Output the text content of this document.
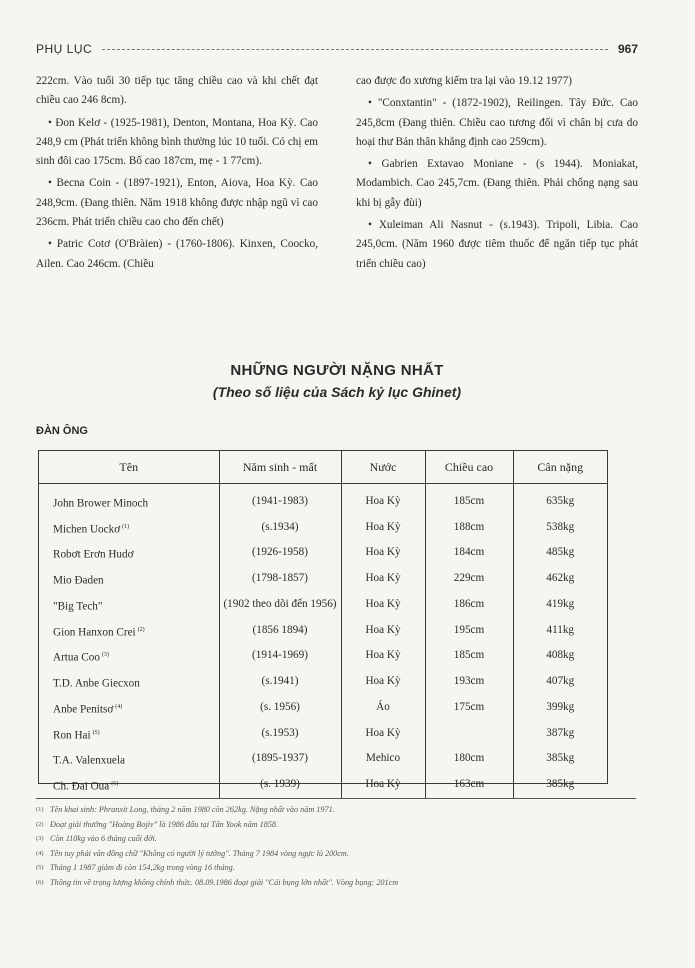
PHỤ LỤC	967

222cm. Vào tuổi 30 tiếp tục tăng chiều cao và khi chết đạt chiều cao 246 8cm).

• Đon Kelơ - (1925-1981), Denton, Montana, Hoa Kỳ. Cao 248,9 cm (Phát triển không bình thường lúc 10 tuổi. Có chị em sinh đôi cao 175cm. Bố cao 187cm, mẹ - 1 77cm).

• Becna Coin - (1897-1921), Enton, Aiova, Hoa Kỳ. Cao 248,9cm. (Đang thiên. Năm 1918 không được nhập ngũ vì cao 236cm. Phát triển chiều cao cho đến chết)

• Patric Cotơ (O'Bràien) - (1760-1806). Kinxen, Coocko, Ailen. Cao 246cm. (Chiều

cao được đo xương kiểm tra lại vào 19.12 1977)

• "Conxtantin" - (1872-1902), Reilingen. Tây Đức. Cao 245,8cm (Đang thiên. Chiều cao tương đối vì chân bị cưa do hoại thư Bản thân khẳng định cao 259cm).

• Gabrien Extavao Moniane - (s 1944). Moniakat, Modambich. Cao 245,7cm. (Đang thiên. Phải chống nạng sau khi bị gẫy đùi)

• Xuleiman Ali Nasnut - (s.1943). Tripoli, Libia. Cao 245,0cm. (Năm 1960 được tiêm thuốc để ngăn tiếp tục phát triển chiều cao)

NHỮNG NGƯỜI NẶNG NHẤT
(Theo số liệu của Sách kỷ lục Ghinet)
ĐÀN ÔNG
Tên	Năm sinh - mất	Nước	Chiều cao	Cân nặng
John Brower Minoch	(1941-1983)	Hoa Kỳ	185cm	635kg
Michen Uockơ $^{(1)}$	(s.1934)	Hoa Kỳ	188cm	538kg
Robơt Erơn Hudơ	(1926-1958)	Hoa Kỳ	184cm	485kg
Mio Đaden	(1798-1857)	Hoa Kỳ	229cm	462kg
"Big Tech"	(1902 theo dõi đến 1956)	Hoa Kỳ	186cm	419kg
Gion Hanxon Crei $^{(2)}$	(1856 1894)	Hoa Kỳ	195cm	411kg
Artua Coo $^{(3)}$	(1914-1969)	Hoa Kỳ	185cm	408kg
T.D. Anbe Giecxon	(s.1941)	Hoa Kỳ	193cm	407kg
Anbe Penitsơ $^{(4)}$	(s. 1956)	Áo	175cm	399kg
Ron Hai $^{(5)}$	(s.1953)	Hoa Kỳ		387kg
T.A. Valenxuela	(1895-1937)	Mehico	180cm	385kg
Ch. Đai Oua $^{(6)}$	(s. 1939)	Hoa Kỳ	163cm	385kg
(1) Tên khai sinh: Phranxit Long, tháng 2 năm 1980 còn 262kg. Nặng nhất vào năm 1971.
(2) Đoạt giải thưởng "Hoàng Bojiv" là 1986 đấu tại Tân Yook năm 1858.
(3) Còn 110kg vào 6 tháng cuối đời.
(4) Tên tuy phải văn đồng chữ "Không có người lý tưởng". Tháng 7 1984 vòng ngực lủ 200cm.
(5) Tháng 1 1987 giảm đi còn 154,2kg trong vòng 16 tháng.
(6) Thông tin về trọng lượng không chính thức. 08.09.1986 đoạt giải "Cái bụng lớn nhất". Vòng bụng: 201cm
